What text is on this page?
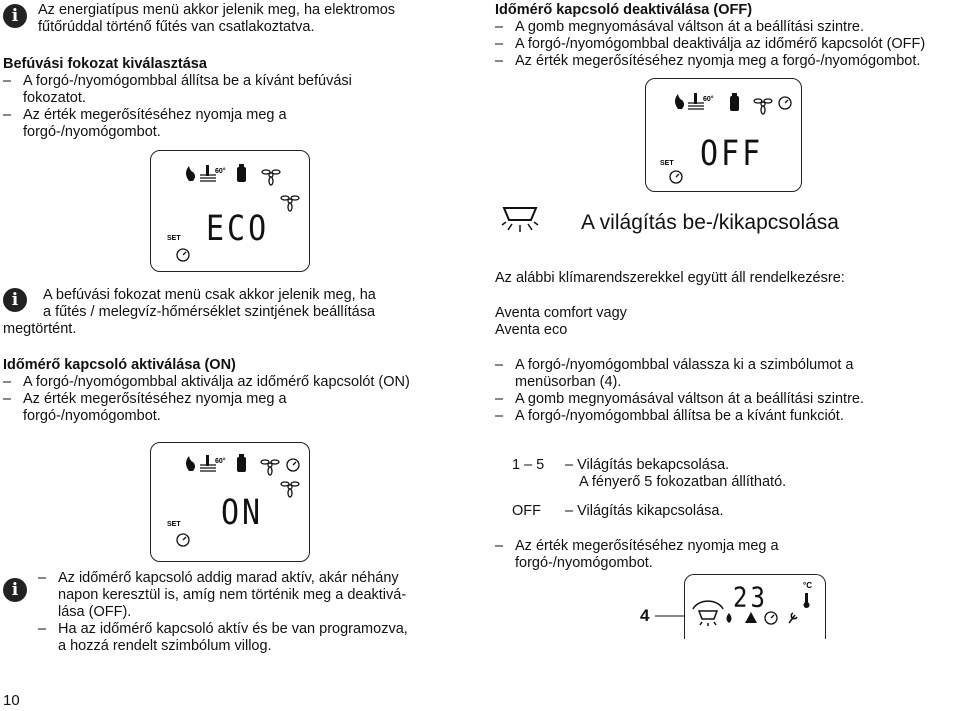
i	Az energiatípus menü akkor jelenik meg, ha elektromos
fűtőrúddal történő fűtés van csatlakoztatva.
Befúvási fokozat kiválasztása
– A forgó-/nyomógombbal állítsa be a kívánt befúvási
fokozatot.
– Az érték megerősítéséhez nyomja meg a
forgó-/nyomógombot.
60°
SET ECO
i	A befúvási fokozat menü csak akkor jelenik meg, ha
a fűtés / melegvíz-hőmérséklet szintjének beállítása
megtörtént.
Időmérő kapcsoló aktiválása (ON)
– A forgó-/nyomógombbal aktiválja az időmérő kapcsolót (ON)
– Az érték megerősítéséhez nyomja meg a
forgó-/nyomógombot.
60°
SET ON
i
– Az időmérő kapcsoló addig marad aktív, akár néhány
napon keresztül is, amíg nem történik meg a deaktivá-
lása (OFF).
– Ha az időmérő kapcsoló aktív és be van programozva,
a hozzá rendelt szimbólum villog.
10
Időmérő kapcsoló deaktiválása (OFF)
– A gomb megnyomásával váltson át a beállítási szintre.
– A forgó-/nyomógombbal deaktiválja az időmérő kapcsolót (OFF)
– Az érték megerősítéséhez nyomja meg a forgó-/nyomógombot.
60°
SET OFF
A világítás be-/kikapcsolása
Az alábbi klímarendszerekkel együtt áll rendelkezésre:
Aventa comfort vagy
Aventa eco
– A forgó-/nyomógombbal válassza ki a szimbólumot a
menüsorban (4).
– A gomb megnyomásával váltson át a beállítási szintre.
– A forgó-/nyomógombbal állítsa be a kívánt funkciót.
1 – 5 – Világítás bekapcsolása.
A fényerő 5 fokozatban állítható.
OFF – Világítás kikapcsolása.
– Az érték megerősítéséhez nyomja meg a
forgó-/nyomógombot.
4
°C
23
